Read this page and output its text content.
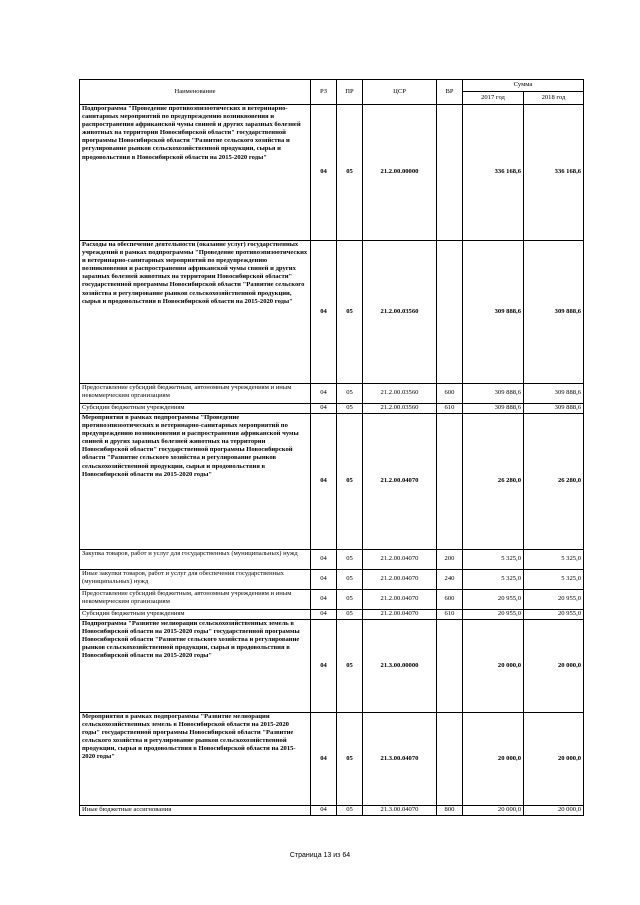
Наименование	РЗ	ПР	ЦСР	ВР	Сумма	
					2017 год	2018 год
Подпрограмма "Проведение противоэпизоотических и ветеринарно-санитарных мероприятий по предупреждению возникновения и распространения африканской чумы свиней и других заразных болезней животных на территории Новосибирской области" государственной программы Новосибирской области "Развитие сельского хозяйства и регулирование рынков сельскохозяйственной продукции, сырья и продовольствия в Новосибирской области на 2015-2020 годы"	04	05	21.2.00.00000		336 168,6	336 168,6
Расходы на обеспечение деятельности (оказание услуг) государственных учреждений в рамках подпрограммы "Проведение противоэпизоотических и ветеринарно-санитарных мероприятий по предупреждению возникновения и распространения африканской чумы свиней и других заразных болезней животных на территории Новосибирской области" государственной программы Новосибирской области "Развитие сельского хозяйства и регулирование рынков сельскохозяйственной продукции, сырья и продовольствия в Новосибирской области на 2015-2020 годы"	04	05	21.2.00.03560		309 888,6	309 888,6
Предоставление субсидий бюджетным, автономным учреждениям и иным некоммерческим организациям	04	05	21.2.00.03560	600	309 888,6	309 888,6
Субсидии бюджетным учреждениям	04	05	21.2.00.03560	610	309 888,6	309 888,6
Мероприятия в рамках подпрограммы "Проведение противоэпизоотических и ветеринарно-санитарных мероприятий по предупреждению возникновения и распространения африканской чумы свиней и других заразных болезней животных на территории Новосибирской области" государственной программы Новосибирской области "Развитие сельского хозяйства и регулирование рынков сельскохозяйственной продукции, сырья и продовольствия в Новосибирской области на 2015-2020 годы"	04	05	21.2.00.04070		26 280,0	26 280,0
Закупка товаров, работ и услуг для государственных (муниципальных) нужд	04	05	21.2.00.04070	200	5 325,0	5 325,0
Иные закупки товаров, работ и услуг для обеспечения государственных (муниципальных) нужд	04	05	21.2.00.04070	240	5 325,0	5 325,0
Предоставление субсидий бюджетным, автономным учреждениям и иным некоммерческим организациям	04	05	21.2.00.04070	600	20 955,0	20 955,0
Субсидии бюджетным учреждениям	04	05	21.2.00.04070	610	20 955,0	20 955,0
Подпрограмма "Развитие мелиорации сельскохозяйственных земель в Новосибирской области на 2015-2020 годы" государственной программы Новосибирской области "Развитие сельского хозяйства и регулирование рынков сельскохозяйственной продукции, сырья и продовольствия в Новосибирской области на 2015-2020 годы"	04	05	21.3.00.00000		20 000,0	20 000,0
Мероприятия в рамках подпрограммы "Развитие мелиорации сельскохозяйственных земель в Новосибирской области на 2015-2020 годы" государственной программы Новосибирской области "Развитие сельского хозяйства и регулирование рынков сельскохозяйственной продукции, сырья и продовольствия в Новосибирской области на 2015-2020 годы"	04	05	21.3.00.04070		20 000,0	20 000,0
Иные бюджетные ассигнования	04	05	21.3.00.04070	800	20 000,0	20 000,0
Страница 13 из 64
